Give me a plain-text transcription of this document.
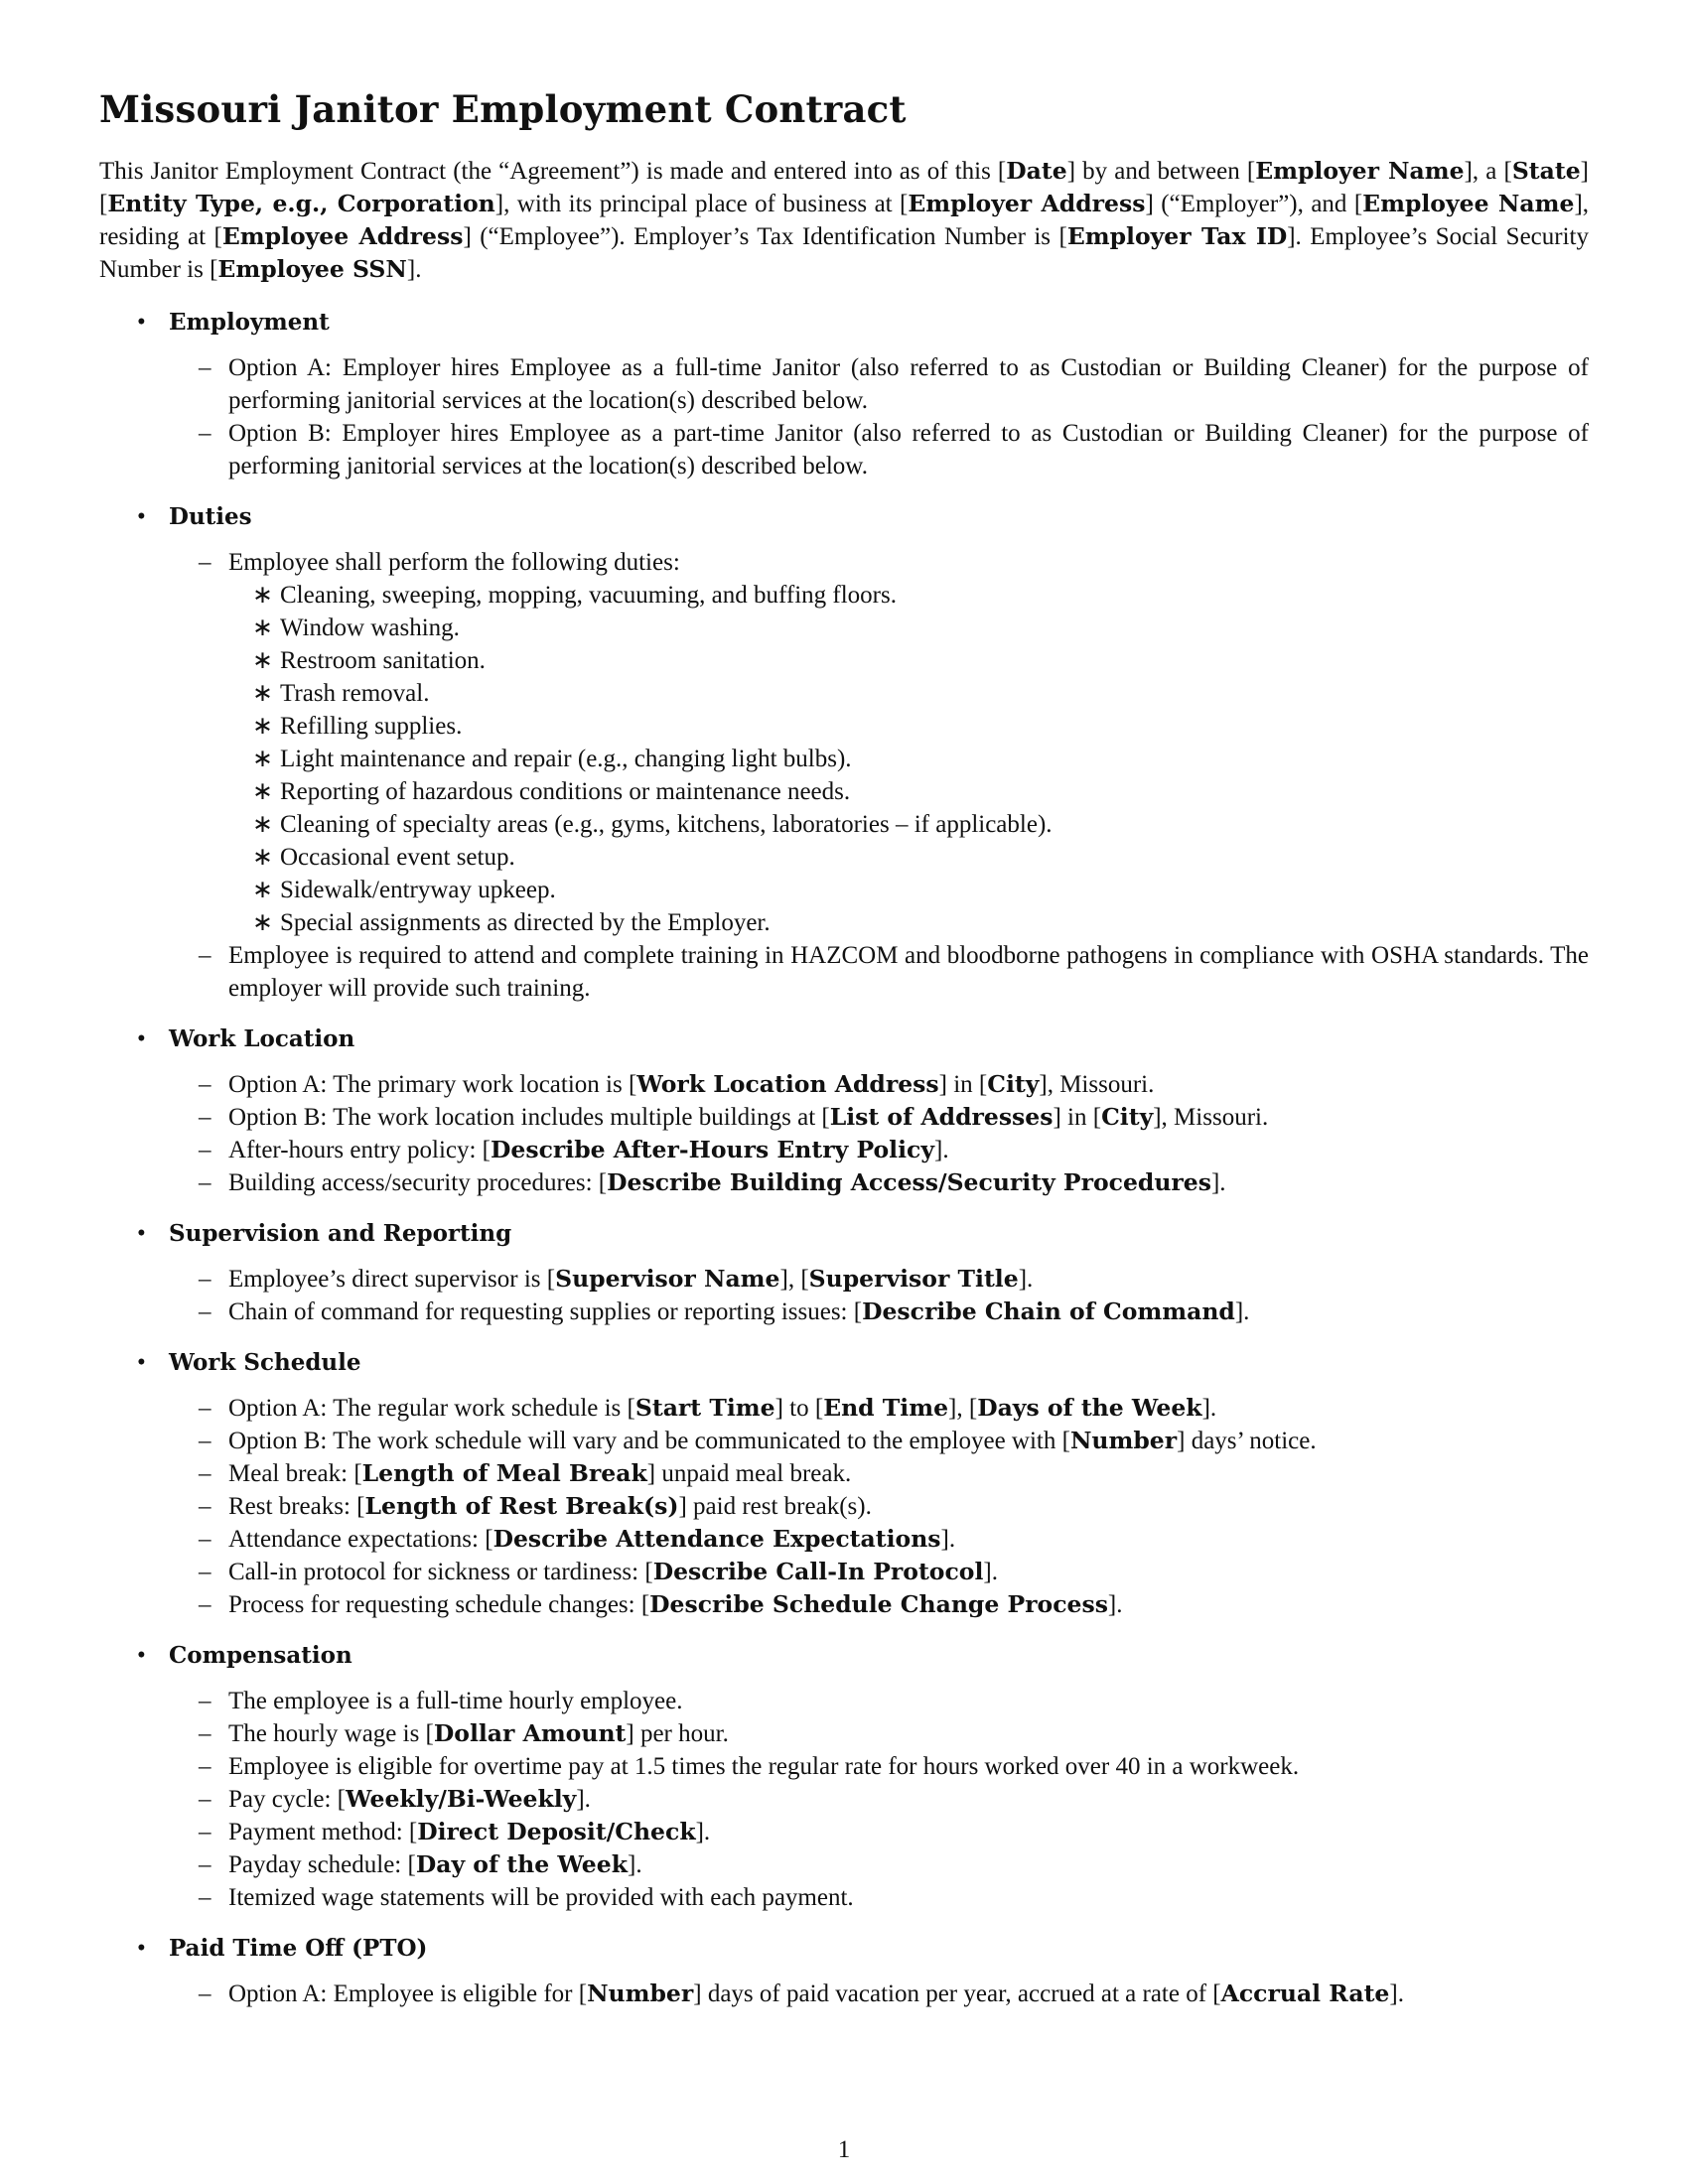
Missouri Janitor Employment Contract

This Janitor Employment Contract (the “Agreement”) is made and entered into as of this [Date] by and between [Employer Name], a [State] [Entity Type, e.g., Corporation], with its principal place of business at [Employer Address] (“Employer”), and [Employee Name], residing at [Employee Address] (“Employee”). Employer’s Tax Identification Number is [Employer Tax ID]. Employee’s Social Security Number is [Employee SSN].

• Employment
– Option A: Employer hires Employee as a full-time Janitor (also referred to as Custodian or Building Cleaner) for the purpose of performing janitorial services at the location(s) described below.
– Option B: Employer hires Employee as a part-time Janitor (also referred to as Custodian or Building Cleaner) for the purpose of performing janitorial services at the location(s) described below.
• Duties
– Employee shall perform the following duties:
∗ Cleaning, sweeping, mopping, vacuuming, and buffing floors.
∗ Window washing.
∗ Restroom sanitation.
∗ Trash removal.
∗ Refilling supplies.
∗ Light maintenance and repair (e.g., changing light bulbs).
∗ Reporting of hazardous conditions or maintenance needs.
∗ Cleaning of specialty areas (e.g., gyms, kitchens, laboratories – if applicable).
∗ Occasional event setup.
∗ Sidewalk/entryway upkeep.
∗ Special assignments as directed by the Employer.
– Employee is required to attend and complete training in HAZCOM and bloodborne pathogens in compliance with OSHA standards. The employer will provide such training.
• Work Location
– Option A: The primary work location is [Work Location Address] in [City], Missouri.
– Option B: The work location includes multiple buildings at [List of Addresses] in [City], Missouri.
– After-hours entry policy: [Describe After-Hours Entry Policy].
– Building access/security procedures: [Describe Building Access/Security Procedures].
• Supervision and Reporting
– Employee’s direct supervisor is [Supervisor Name], [Supervisor Title].
– Chain of command for requesting supplies or reporting issues: [Describe Chain of Command].
• Work Schedule
– Option A: The regular work schedule is [Start Time] to [End Time], [Days of the Week].
– Option B: The work schedule will vary and be communicated to the employee with [Number] days’ notice.
– Meal break: [Length of Meal Break] unpaid meal break.
– Rest breaks: [Length of Rest Break(s)] paid rest break(s).
– Attendance expectations: [Describe Attendance Expectations].
– Call-in protocol for sickness or tardiness: [Describe Call-In Protocol].
– Process for requesting schedule changes: [Describe Schedule Change Process].
• Compensation
– The employee is a full-time hourly employee.
– The hourly wage is [Dollar Amount] per hour.
– Employee is eligible for overtime pay at 1.5 times the regular rate for hours worked over 40 in a workweek.
– Pay cycle: [Weekly/Bi-Weekly].
– Payment method: [Direct Deposit/Check].
– Payday schedule: [Day of the Week].
– Itemized wage statements will be provided with each payment.
• Paid Time Off (PTO)
– Option A: Employee is eligible for [Number] days of paid vacation per year, accrued at a rate of [Accrual Rate].
1
